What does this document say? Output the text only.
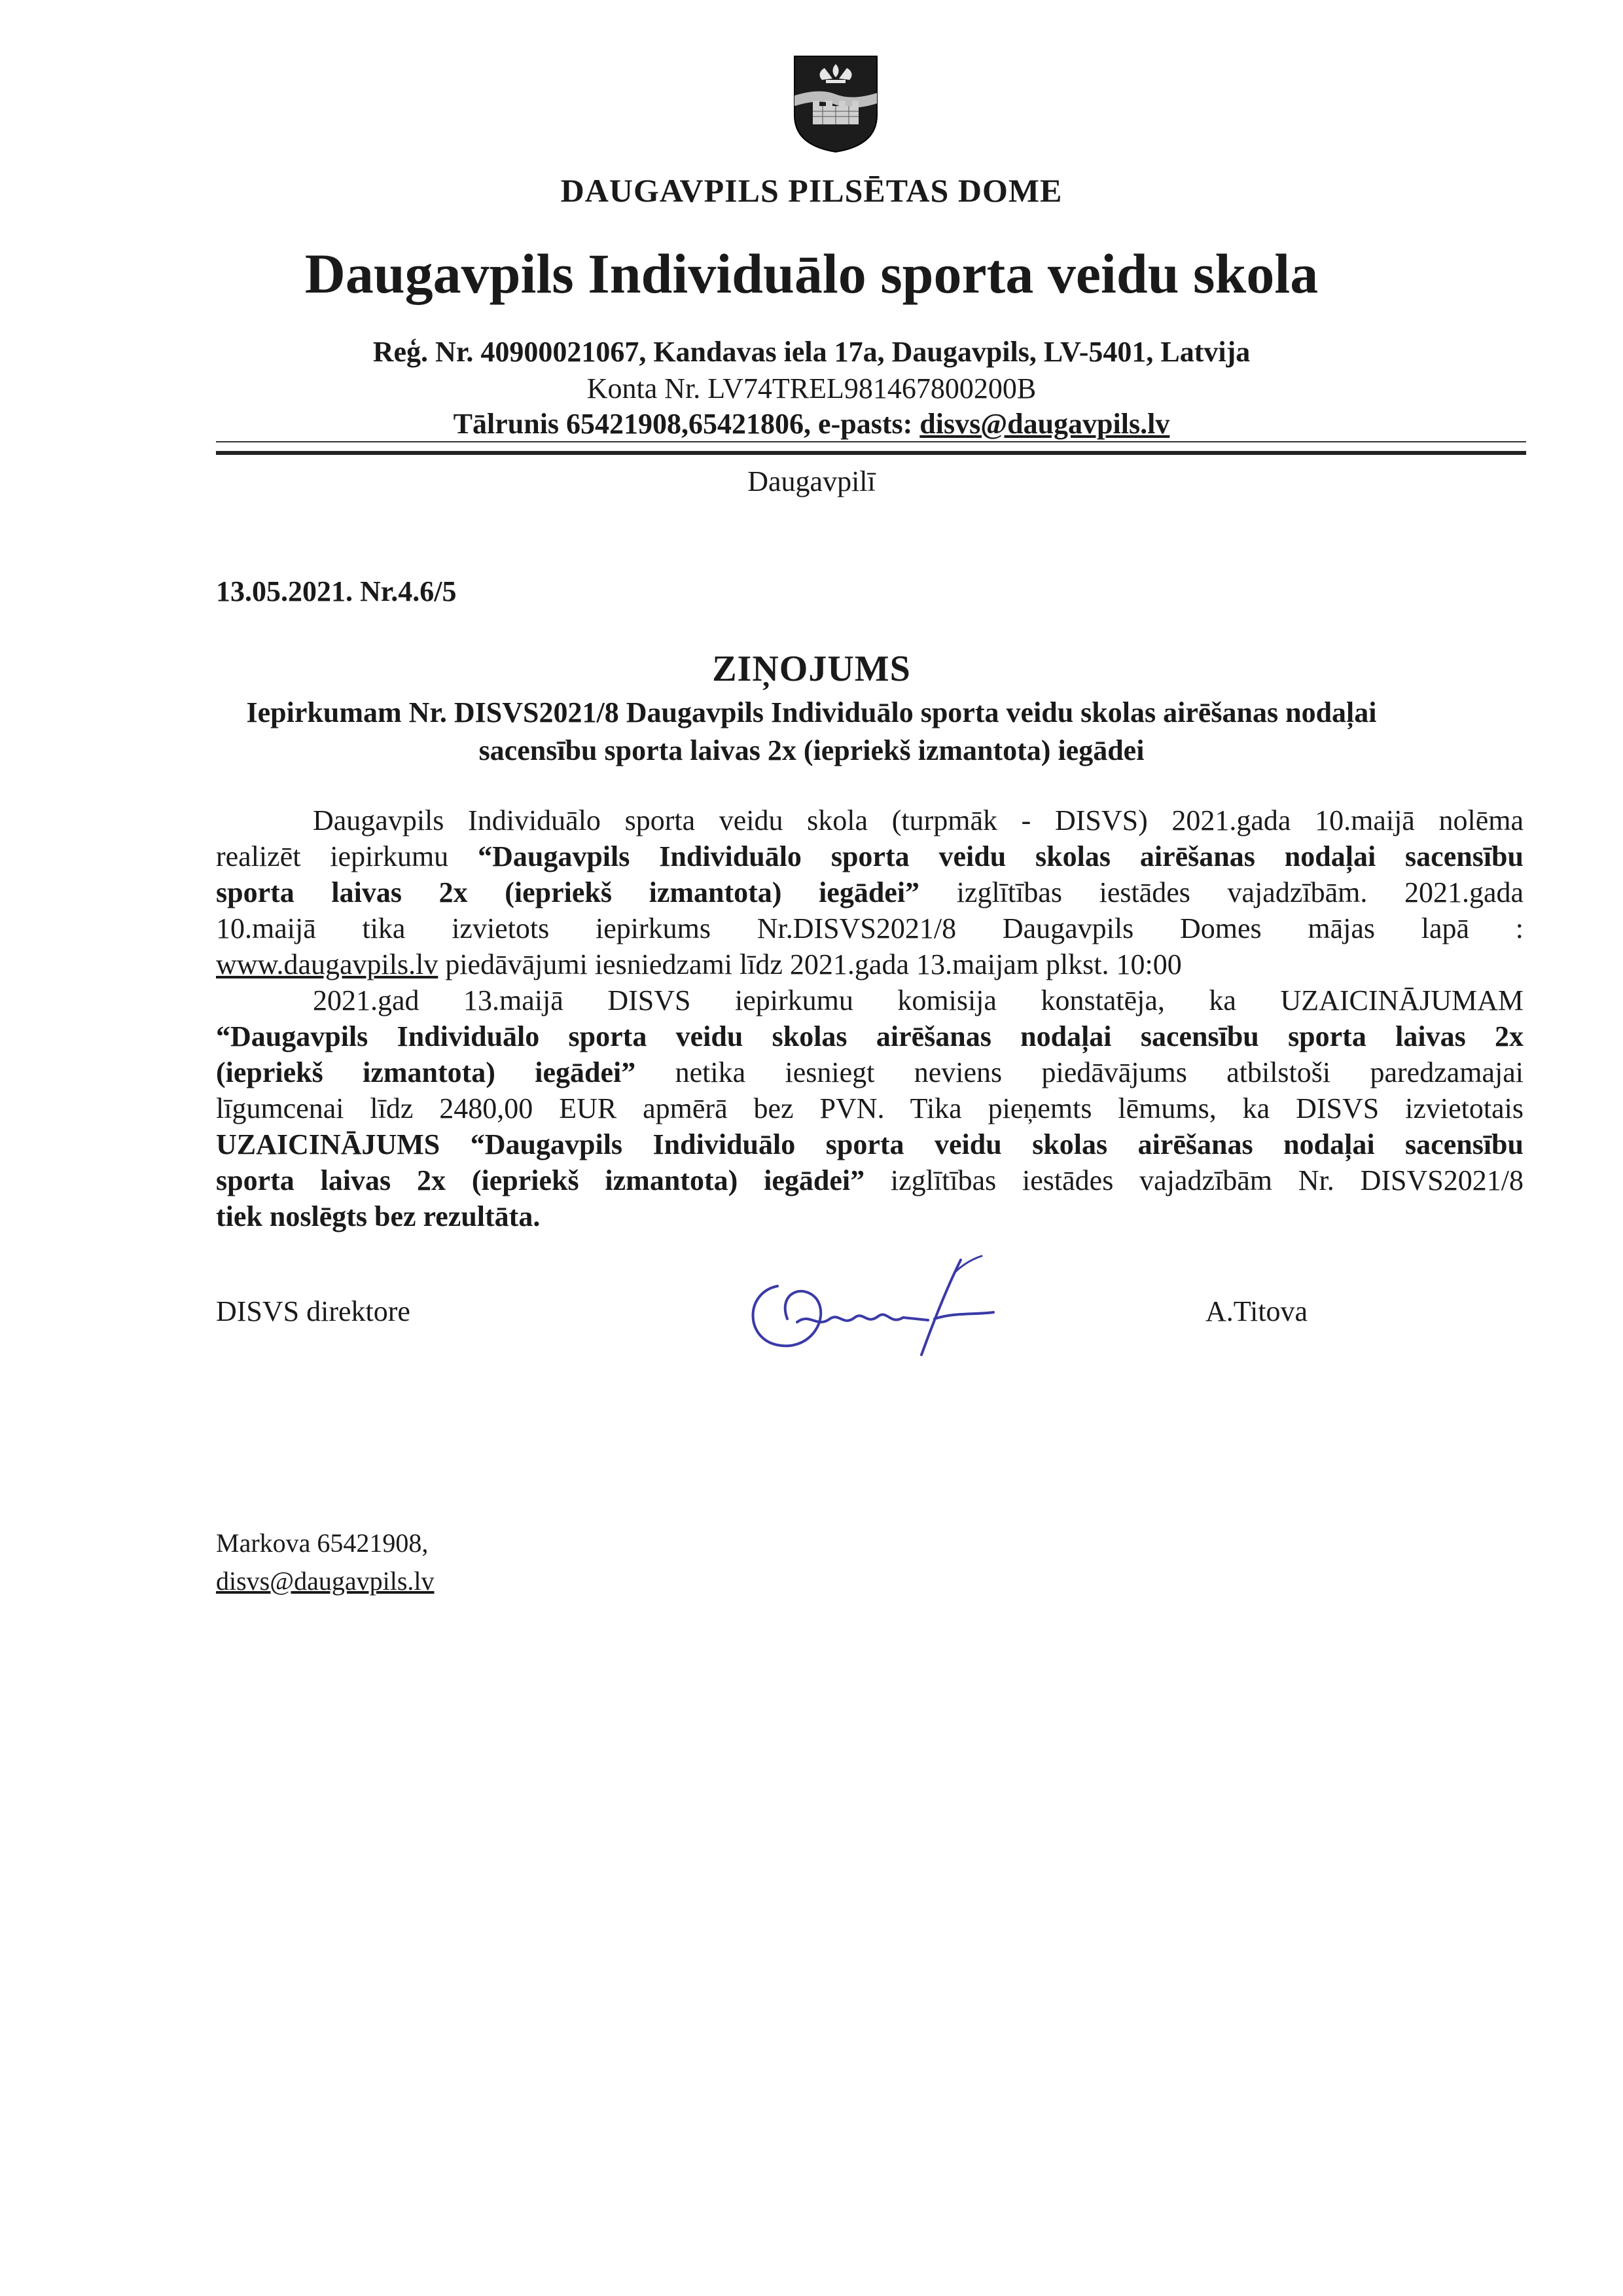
DAUGAVPILS PILSĒTAS DOME
Daugavpils Individuālo sporta veidu skola
Reģ. Nr. 40900021067, Kandavas iela 17a, Daugavpils, LV-5401, Latvija
Konta Nr. LV74TREL981467800200B
Tālrunis 65421908,65421806, e-pasts: disvs@daugavpils.lv
Daugavpilī
13.05.2021. Nr.4.6/5
ZIŅOJUMS
Iepirkumam Nr. DISVS2021/8 Daugavpils Individuālo sporta veidu skolas airēšanas nodaļai
sacensību sporta laivas 2x (iepriekš izmantota) iegādei
Daugavpils Individuālo sporta veidu skola (turpmāk - DISVS) 2021.gada 10.maijā nolēma
realizēt iepirkumu “Daugavpils Individuālo sporta veidu skolas airēšanas nodaļai sacensību
sporta laivas 2x (iepriekš izmantota) iegādei” izglītības iestādes vajadzībām. 2021.gada
10.maijā tika izvietots iepirkums Nr.DISVS2021/8 Daugavpils Domes mājas lapā :
www.daugavpils.lv piedāvājumi iesniedzami līdz 2021.gada 13.maijam plkst. 10:00
2021.gad 13.maijā DISVS iepirkumu komisija konstatēja, ka UZAICINĀJUMAM
“Daugavpils Individuālo sporta veidu skolas airēšanas nodaļai sacensību sporta laivas 2x
(iepriekš izmantota) iegādei” netika iesniegt neviens piedāvājums atbilstoši paredzamajai
līgumcenai līdz 2480,00 EUR apmērā bez PVN. Tika pieņemts lēmums, ka DISVS izvietotais
UZAICINĀJUMS “Daugavpils Individuālo sporta veidu skolas airēšanas nodaļai sacensību
sporta laivas 2x (iepriekš izmantota) iegādei” izglītības iestādes vajadzībām Nr. DISVS2021/8
tiek noslēgts bez rezultāta.
DISVS direktore	A.Titova
Markova 65421908,
disvs@daugavpils.lv
